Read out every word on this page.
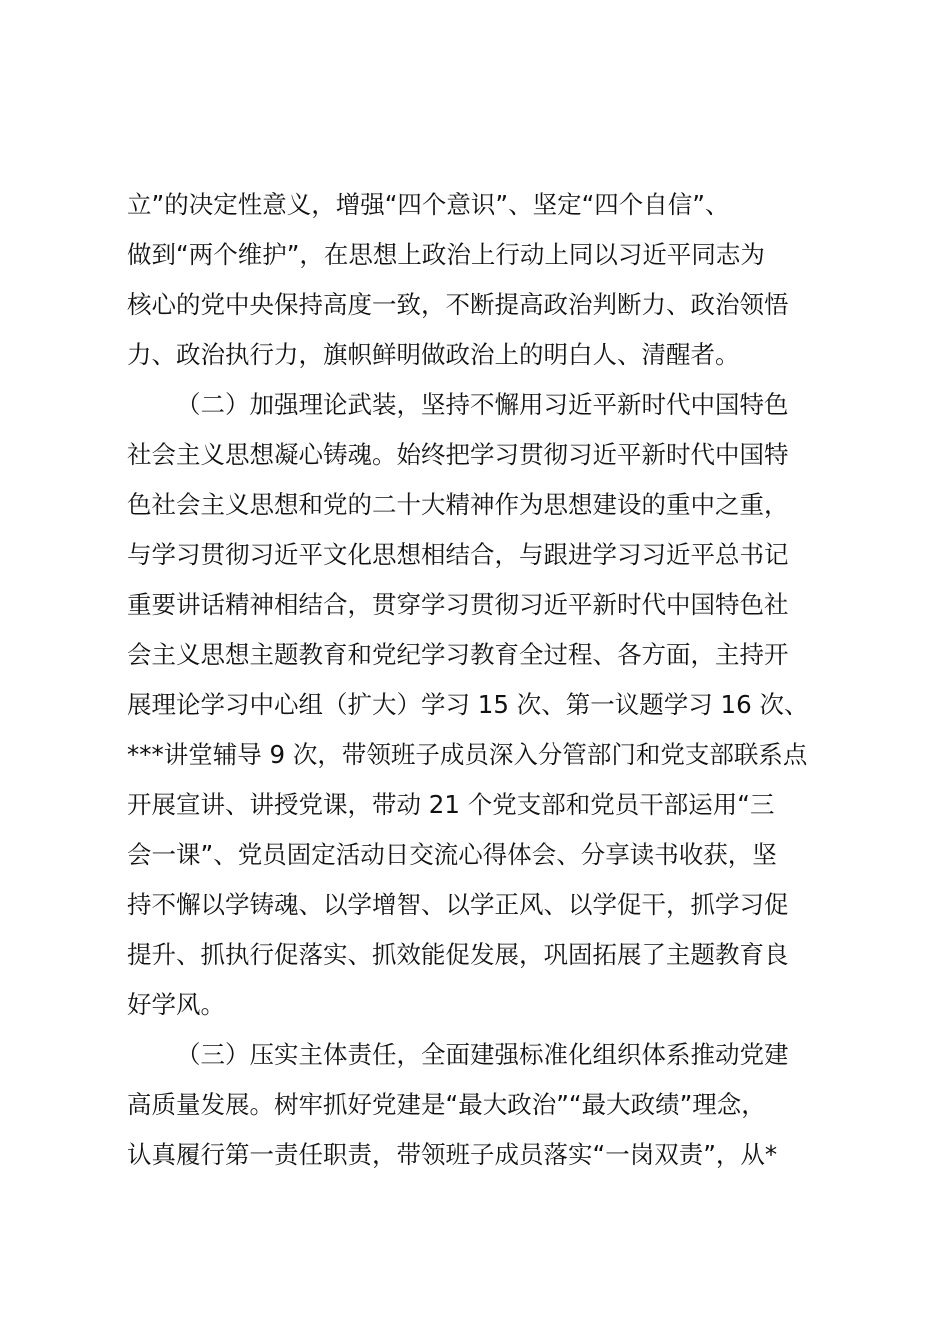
立”的决定性意义，增强“四个意识”、坚定“四个自信”、
做到“两个维护”，在思想上政治上行动上同以习近平同志为
核心的党中央保持高度一致，不断提高政治判断力、政治领悟
力、政治执行力，旗帜鲜明做政治上的明白人、清醒者。
（二）加强理论武装，坚持不懈用习近平新时代中国特色
社会主义思想凝心铸魂。始终把学习贯彻习近平新时代中国特
色社会主义思想和党的二十大精神作为思想建设的重中之重，
与学习贯彻习近平文化思想相结合，与跟进学习习近平总书记
重要讲话精神相结合，贯穿学习贯彻习近平新时代中国特色社
会主义思想主题教育和党纪学习教育全过程、各方面，主持开
展理论学习中心组（扩大）学习 15 次、第一议题学习 16 次、
***讲堂辅导 9 次，带领班子成员深入分管部门和党支部联系点
开展宣讲、讲授党课，带动 21 个党支部和党员干部运用“三
会一课”、党员固定活动日交流心得体会、分享读书收获，坚
持不懈以学铸魂、以学增智、以学正风、以学促干，抓学习促
提升、抓执行促落实、抓效能促发展，巩固拓展了主题教育良
好学风。
（三）压实主体责任，全面建强标准化组织体系推动党建
高质量发展。树牢抓好党建是“最大政治”“最大政绩”理念，
认真履行第一责任职责，带领班子成员落实“一岗双责”，从*
